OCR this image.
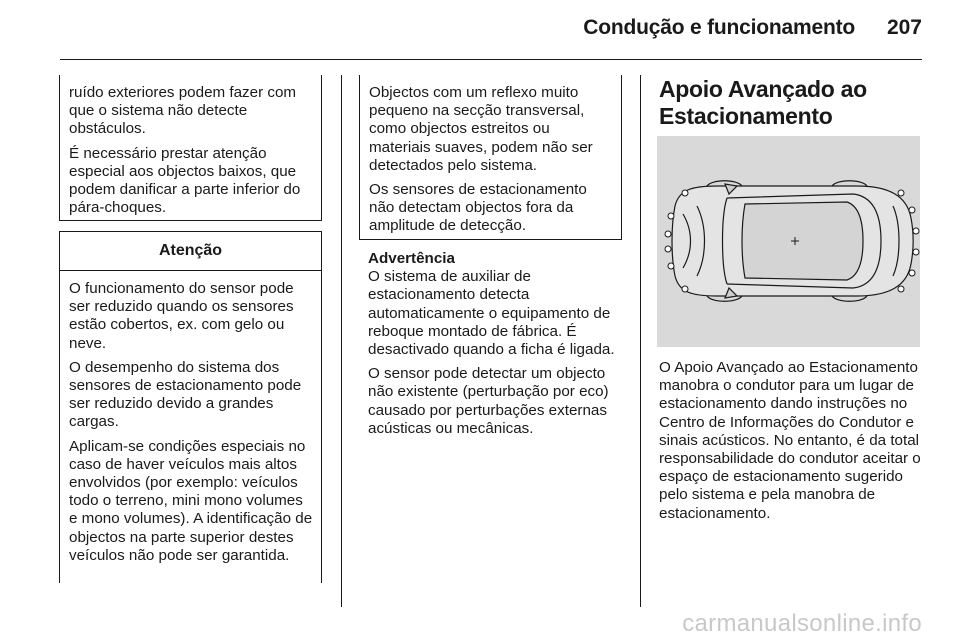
Condução e funcionamento	207

ruído exteriores podem fazer com que o sistema não detecte obstáculos.

É necessário prestar atenção especial aos objectos baixos, que podem danificar a parte inferior do pára-choques.

Atenção

O funcionamento do sensor pode ser reduzido quando os sensores estão cobertos, ex. com gelo ou neve.

O desempenho do sistema dos sensores de estacionamento pode ser reduzido devido a grandes cargas.

Aplicam-se condições especiais no caso de haver veículos mais altos envolvidos (por exemplo: veículos todo o terreno, mini mono volumes e mono volumes). A identificação de objectos na parte superior destes veículos não pode ser garantida.

Objectos com um reflexo muito pequeno na secção transversal, como objectos estreitos ou materiais suaves, podem não ser detectados pelo sistema.

Os sensores de estacionamento não detectam objectos fora da amplitude de detecção.

Advertência

O sistema de auxiliar de estacionamento detecta automaticamente o equipamento de reboque montado de fábrica. É desactivado quando a ficha é ligada.

O sensor pode detectar um objecto não existente (perturbação por eco) causado por perturbações externas acústicas ou mecânicas.

Apoio Avançado ao Estacionamento

O Apoio Avançado ao Estacionamento manobra o condutor para um lugar de estacionamento dando instruções no Centro de Informações do Condutor e sinais acústicos. No entanto, é da total responsabilidade do condutor aceitar o espaço de estacionamento sugerido pelo sistema e pela manobra de estacionamento.

carmanualsonline.info
